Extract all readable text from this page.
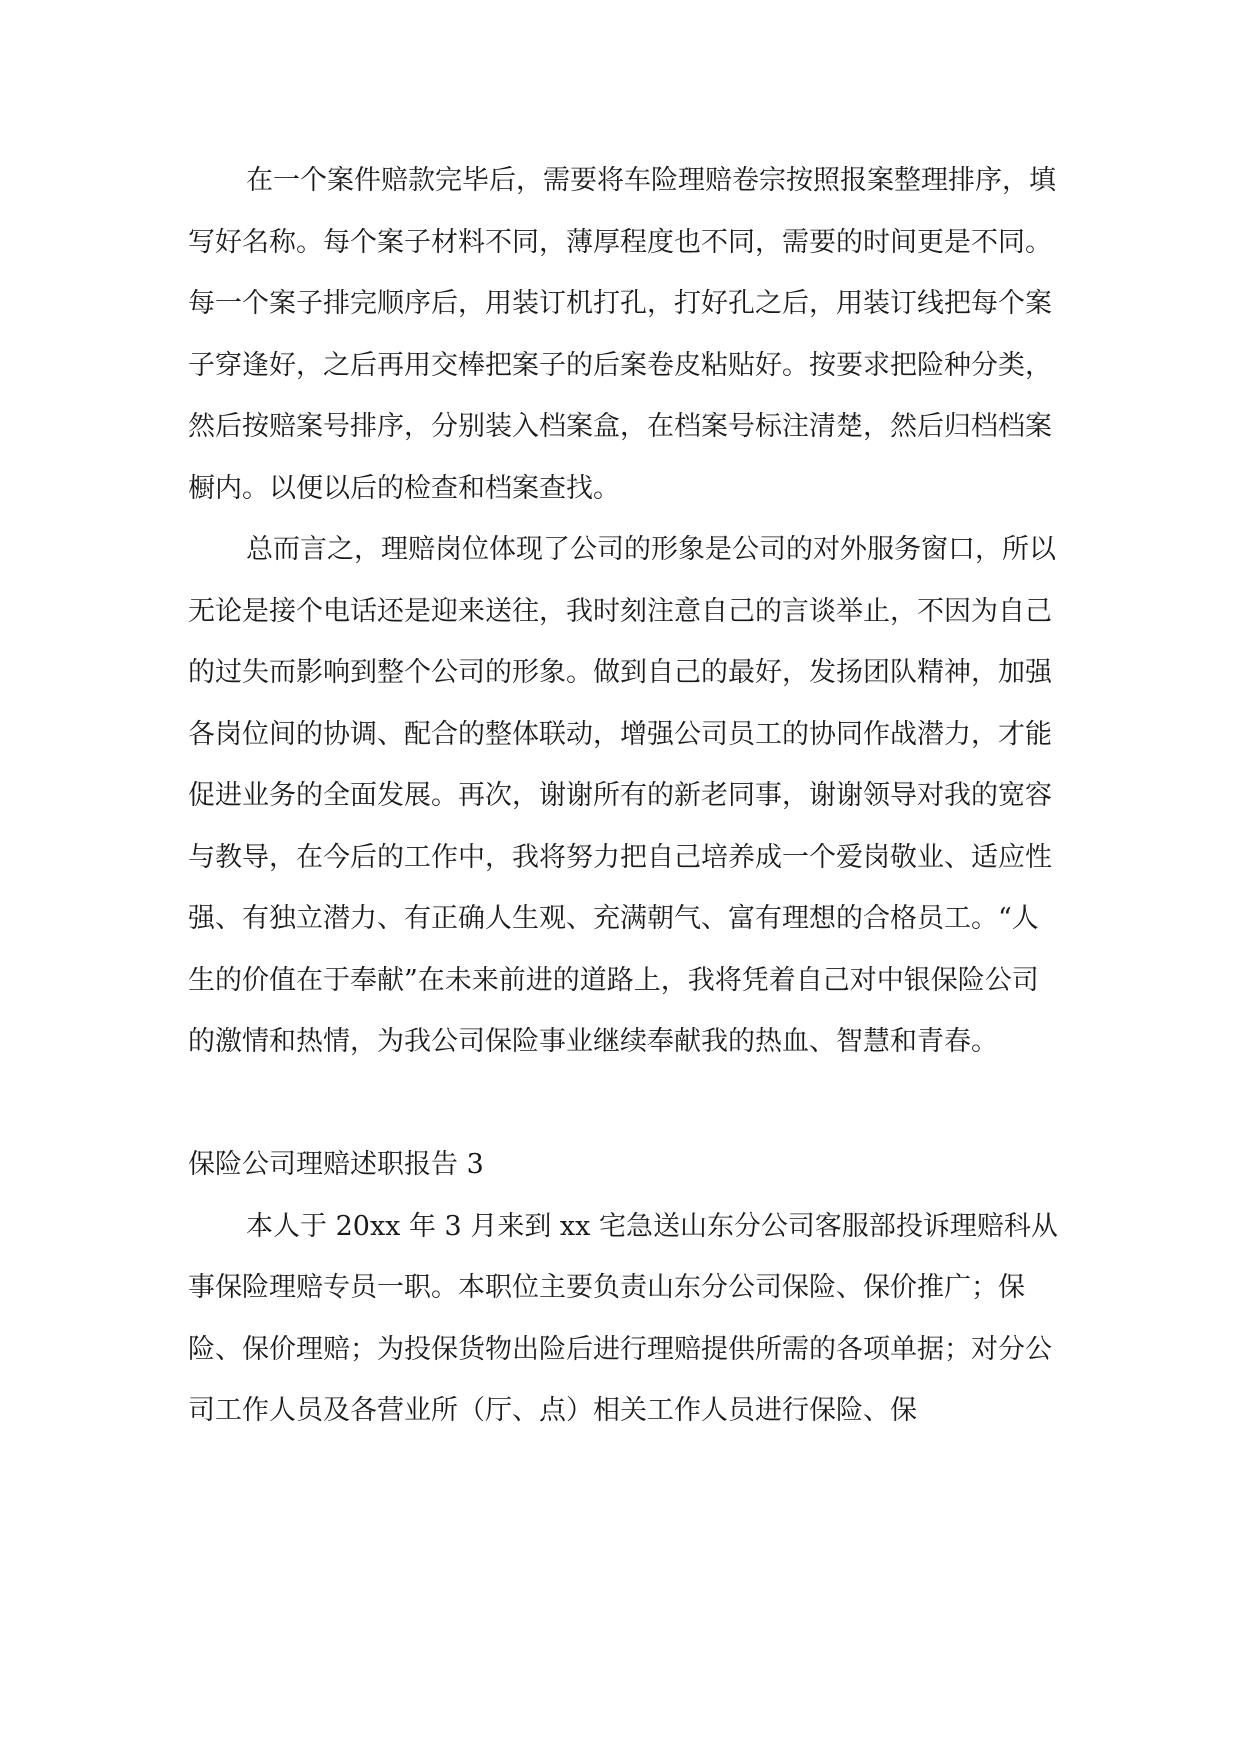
在一个案件赔款完毕后，需要将车险理赔卷宗按照报案整理排序，填写好名称。每个案子材料不同，薄厚程度也不同，需要的时间更是不同。每一个案子排完顺序后，用装订机打孔，打好孔之后，用装订线把每个案子穿逢好，之后再用交棒把案子的后案卷皮粘贴好。按要求把险种分类，然后按赔案号排序，分别装入档案盒，在档案号标注清楚，然后归档档案橱内。以便以后的检查和档案查找。

总而言之，理赔岗位体现了公司的形象是公司的对外服务窗口，所以无论是接个电话还是迎来送往，我时刻注意自己的言谈举止，不因为自己的过失而影响到整个公司的形象。做到自己的最好，发扬团队精神，加强各岗位间的协调、配合的整体联动，增强公司员工的协同作战潜力，才能促进业务的全面发展。再次，谢谢所有的新老同事，谢谢领导对我的宽容与教导，在今后的工作中，我将努力把自己培养成一个爱岗敬业、适应性强、有独立潜力、有正确人生观、充满朝气、富有理想的合格员工。“人生的价值在于奉献”在未来前进的道路上，我将凭着自己对中银保险公司的激情和热情，为我公司保险事业继续奉献我的热血、智慧和青春。

保险公司理赔述职报告 3

本人于 20xx 年 3 月来到 xx 宅急送山东分公司客服部投诉理赔科从事保险理赔专员一职。本职位主要负责山东分公司保险、保价推广；保险、保价理赔；为投保货物出险后进行理赔提供所需的各项单据；对分公司工作人员及各营业所（厅、点）相关工作人员进行保险、保
